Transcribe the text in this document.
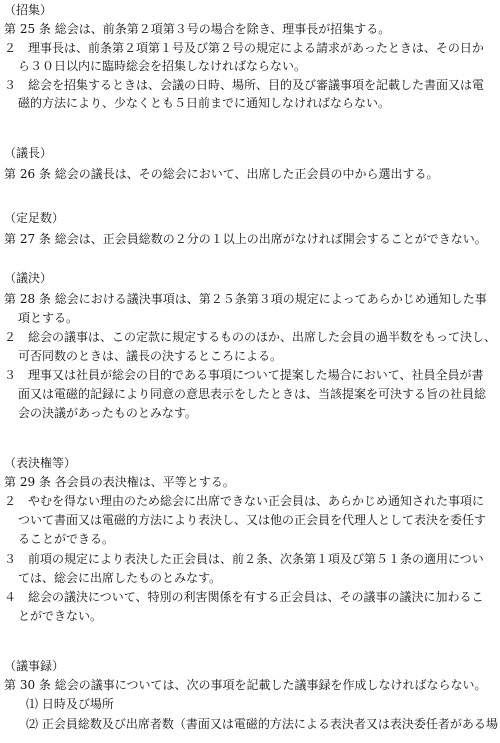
（招集）
第 25 条 総会は、前条第２項第３号の場合を除き、理事長が招集する。
２　理事長は、前条第２項第１号及び第２号の規定による請求があったときは、その日か
ら３０日以内に臨時総会を招集しなければならない。
３　総会を招集するときは、会議の日時、場所、目的及び審議事項を記載した書面又は電
磁的方法により、少なくとも５日前までに通知しなければならない。
（議長）
第 26 条 総会の議長は、その総会において、出席した正会員の中から選出する。
（定足数）
第 27 条 総会は、正会員総数の２分の１以上の出席がなければ開会することができない。
（議決）
第 28 条 総会における議決事項は、第２５条第３項の規定によってあらかじめ通知した事
項とする。
２　総会の議事は、この定款に規定するもののほか、出席した会員の過半数をもって決し、
可否同数のときは、議長の決するところによる。
３　理事又は社員が総会の目的である事項について提案した場合において、社員全員が書
面又は電磁的記録により同意の意思表示をしたときは、当該提案を可決する旨の社員総
会の決議があったものとみなす。
（表決権等）
第 29 条 各会員の表決権は、平等とする。
２　やむを得ない理由のため総会に出席できない正会員は、あらかじめ通知された事項に
ついて書面又は電磁的方法により表決し、又は他の正会員を代理人として表決を委任す
ることができる。
３　前項の規定により表決した正会員は、前２条、次条第１項及び第５１条の適用につい
ては、総会に出席したものとみなす。
４　総会の議決について、特別の利害関係を有する正会員は、その議事の議決に加わるこ
とができない。
（議事録）
第 30 条 総会の議事については、次の事項を記載した議事録を作成しなければならない。
⑴ 日時及び場所
⑵ 正会員総数及び出席者数（書面又は電磁的方法による表決者又は表決委任者がある場
